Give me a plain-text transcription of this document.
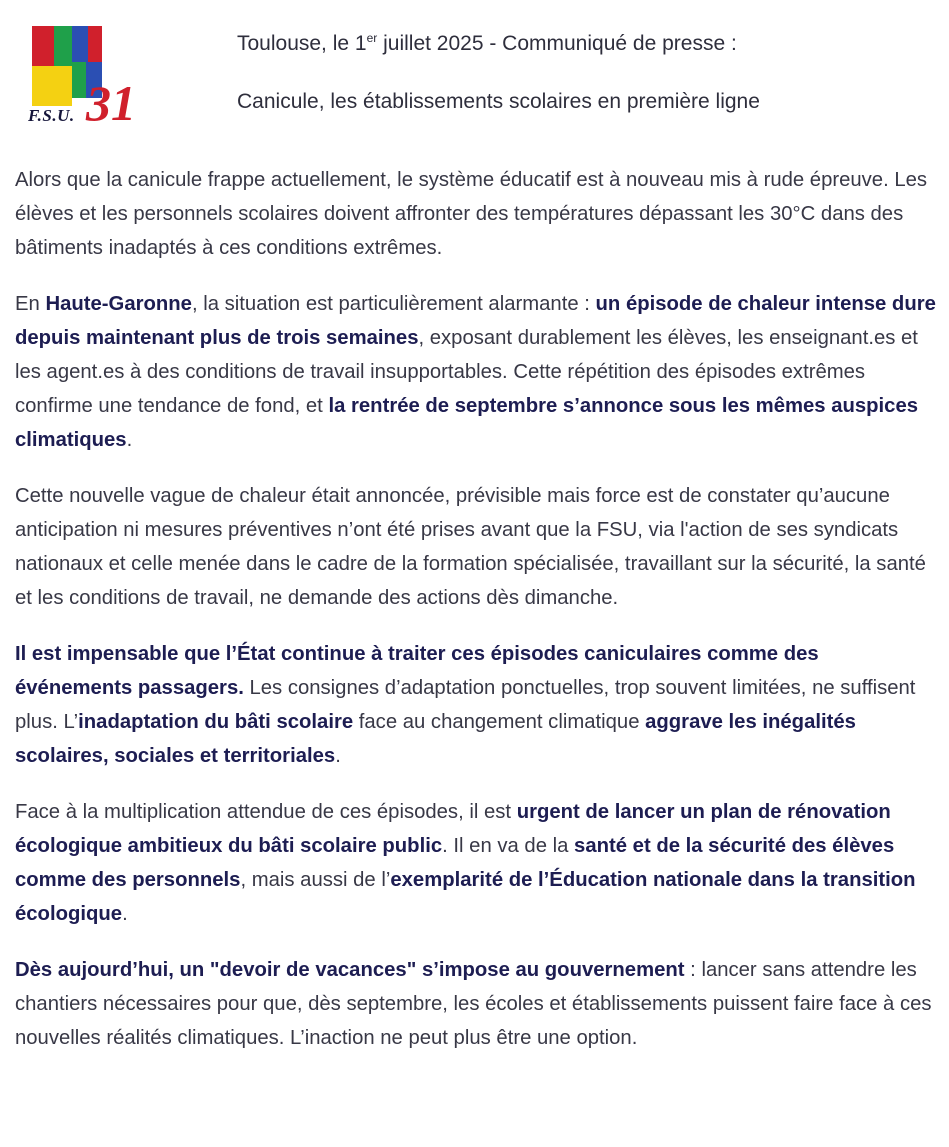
F.S.U. 31
Toulouse, le 1er juillet 2025 - Communiqué de presse :
Canicule, les établissements scolaires en première ligne

Alors que la canicule frappe actuellement, le système éducatif est à nouveau mis à rude épreuve. Les élèves et les personnels scolaires doivent affronter des températures dépassant les 30°C dans des bâtiments inadaptés à ces conditions extrêmes.

En Haute-Garonne, la situation est particulièrement alarmante : un épisode de chaleur intense dure depuis maintenant plus de trois semaines, exposant durablement les élèves, les enseignant.es et les agent.es à des conditions de travail insupportables. Cette répétition des épisodes extrêmes confirme une tendance de fond, et la rentrée de septembre s’annonce sous les mêmes auspices climatiques.

Cette nouvelle vague de chaleur était annoncée, prévisible mais force est de constater qu’aucune anticipation ni mesures préventives n’ont été prises avant que la FSU, via l'action de ses syndicats nationaux et celle menée dans le cadre de la formation spécialisée, travaillant sur la sécurité, la santé et les conditions de travail, ne demande des actions dès dimanche.

Il est impensable que l’État continue à traiter ces épisodes caniculaires comme des événements passagers. Les consignes d’adaptation ponctuelles, trop souvent limitées, ne suffisent plus. L’inadaptation du bâti scolaire face au changement climatique aggrave les inégalités scolaires, sociales et territoriales.

Face à la multiplication attendue de ces épisodes, il est urgent de lancer un plan de rénovation écologique ambitieux du bâti scolaire public. Il en va de la santé et de la sécurité des élèves comme des personnels, mais aussi de l’exemplarité de l’Éducation nationale dans la transition écologique.

Dès aujourd’hui, un "devoir de vacances" s’impose au gouvernement : lancer sans attendre les chantiers nécessaires pour que, dès septembre, les écoles et établissements puissent faire face à ces nouvelles réalités climatiques. L’inaction ne peut plus être une option.
